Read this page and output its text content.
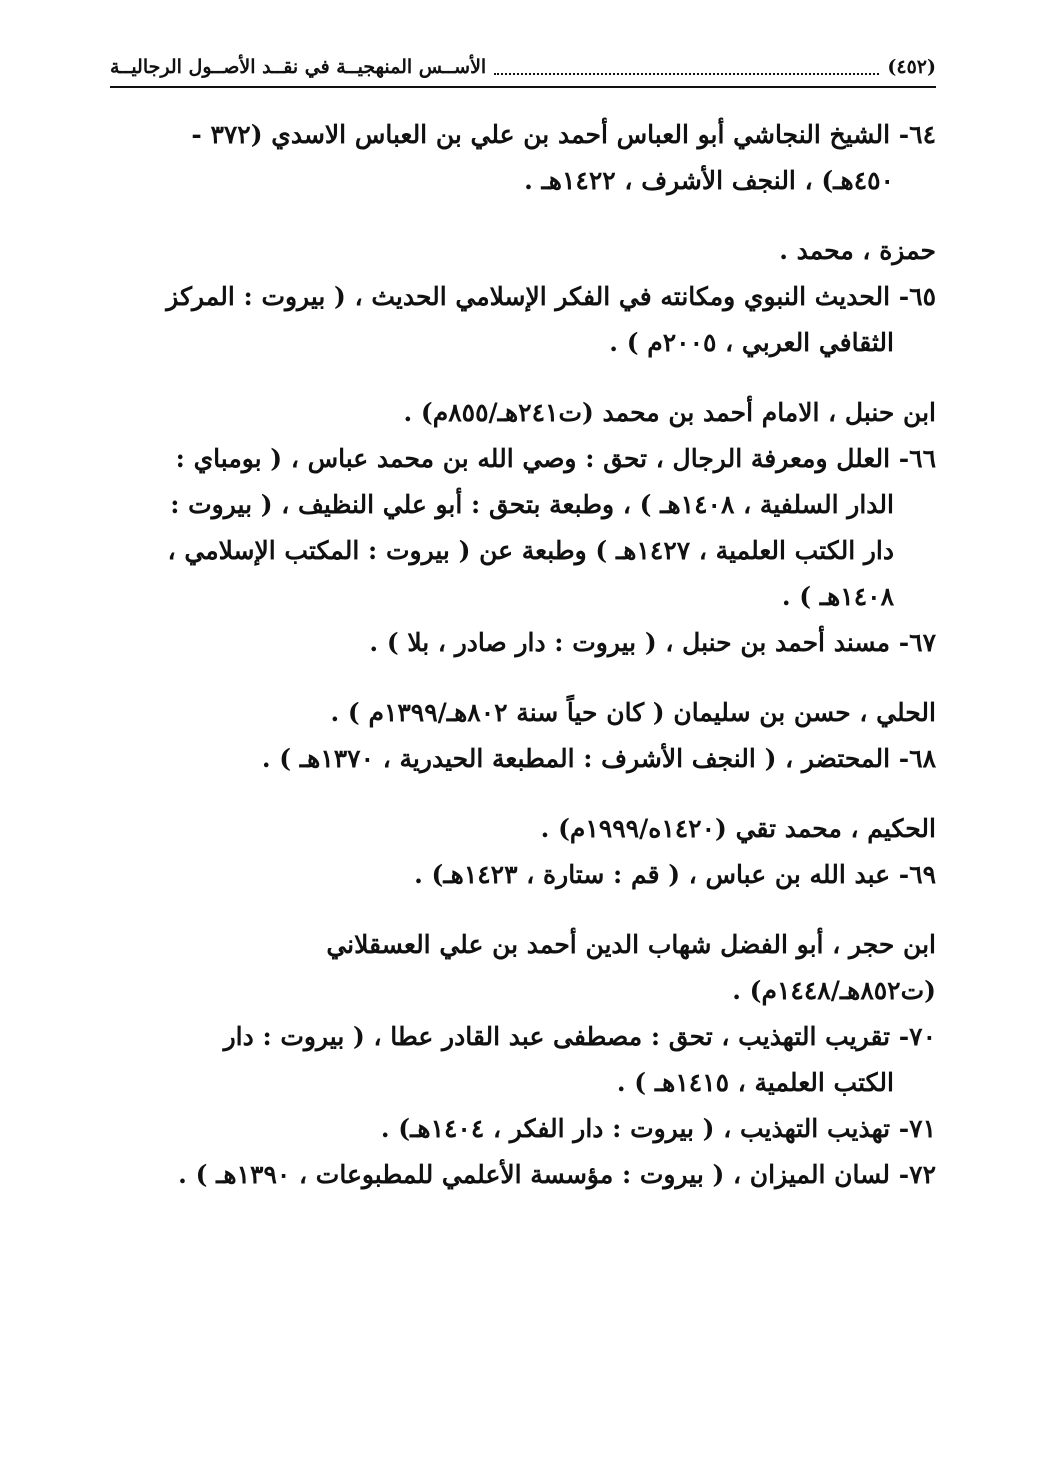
(٤٥٢)
الأســس المنهجيــة في نقــد الأصــول الرجاليــة
٦٤- الشيخ النجاشي أبو العباس أحمد بن علي بن العباس الاسدي (٣٧٢ -
٤٥٠هـ) ، النجف الأشرف ، ١٤٢٢هـ .
حمزة ، محمد .
٦٥- الحديث النبوي ومكانته في الفكر الإسلامي الحديث ، ( بيروت : المركز
الثقافي العربي ، ٢٠٠٥م ) .
ابن حنبل ، الامام أحمد بن محمد (ت٢٤١هـ/٨٥٥م) .
٦٦- العلل ومعرفة الرجال ، تحق : وصي الله بن محمد عباس ، ( بومباي :
الدار السلفية ، ١٤٠٨هـ ) ، وطبعة بتحق : أبو علي النظيف ، ( بيروت :
دار الكتب العلمية ، ١٤٢٧هـ ) وطبعة عن ( بيروت : المكتب الإسلامي ،
١٤٠٨هـ ) .
٦٧- مسند أحمد بن حنبل ، ( بيروت : دار صادر ، بلا ) .
الحلي ، حسن بن سليمان ( كان حياً سنة ٨٠٢هـ/١٣٩٩م ) .
٦٨- المحتضر ، ( النجف الأشرف : المطبعة الحيدرية ، ١٣٧٠هـ ) .
الحكيم ، محمد تقي (١٤٢٠ه/١٩٩٩م) .
٦٩- عبد الله بن عباس ، ( قم : ستارة ، ١٤٢٣هـ) .
ابن حجر ، أبو الفضل شهاب الدين أحمد بن علي العسقلاني
(ت٨٥٢هـ/١٤٤٨م) .
٧٠- تقريب التهذيب ، تحق : مصطفى عبد القادر عطا ، ( بيروت : دار
الكتب العلمية ، ١٤١٥هـ ) .
٧١- تهذيب التهذيب ، ( بيروت : دار الفكر ، ١٤٠٤هـ) .
٧٢- لسان الميزان ، ( بيروت : مؤسسة الأعلمي للمطبوعات ، ١٣٩٠هـ ) .
